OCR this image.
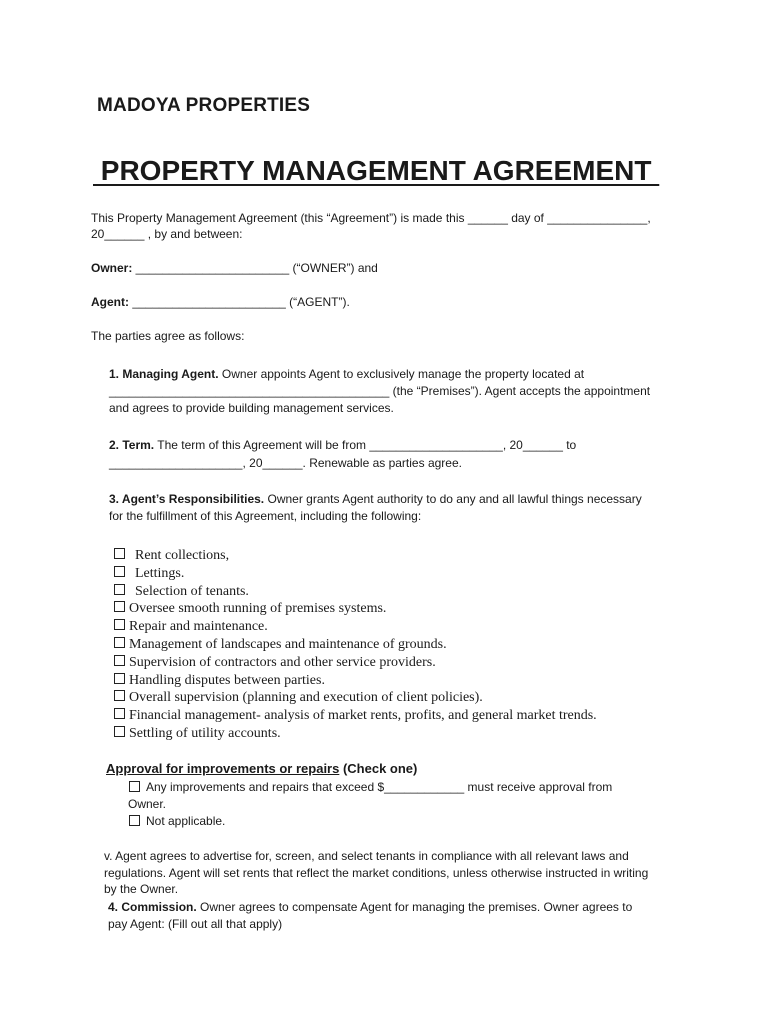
MADOYA PROPERTIES
PROPERTY MANAGEMENT AGREEMENT
This Property Management Agreement (this “Agreement”) is made this ______ day of _______________,
20______ , by and between:
Owner: _______________________ (“OWNER”) and
Agent: _______________________ (“AGENT”).
The parties agree as follows:
1. Managing Agent. Owner appoints Agent to exclusively manage the property located at
__________________________________________ (the “Premises”). Agent accepts the appointment
and agrees to provide building management services.
2. Term. The term of this Agreement will be from ____________________, 20______ to
____________________, 20______. Renewable as parties agree.
3. Agent’s Responsibilities. Owner grants Agent authority to do any and all lawful things necessary
for the fulfillment of this Agreement, including the following:
Rent collections,
Lettings.
Selection of tenants.
Oversee smooth running of premises systems.
Repair and maintenance.
Management of landscapes and maintenance of grounds.
Supervision of contractors and other service providers.
Handling disputes between parties.
Overall supervision (planning and execution of client policies).
Financial management- analysis of market rents, profits, and general market trends.
Settling of utility accounts.
Approval for improvements or repairs (Check one)
Any improvements and repairs that exceed $____________ must receive approval from
Owner.
Not applicable.
v. Agent agrees to advertise for, screen, and select tenants in compliance with all relevant laws and
regulations. Agent will set rents that reflect the market conditions, unless otherwise instructed in writing
by the Owner.
4. Commission. Owner agrees to compensate Agent for managing the premises. Owner agrees to
pay Agent: (Fill out all that apply)
